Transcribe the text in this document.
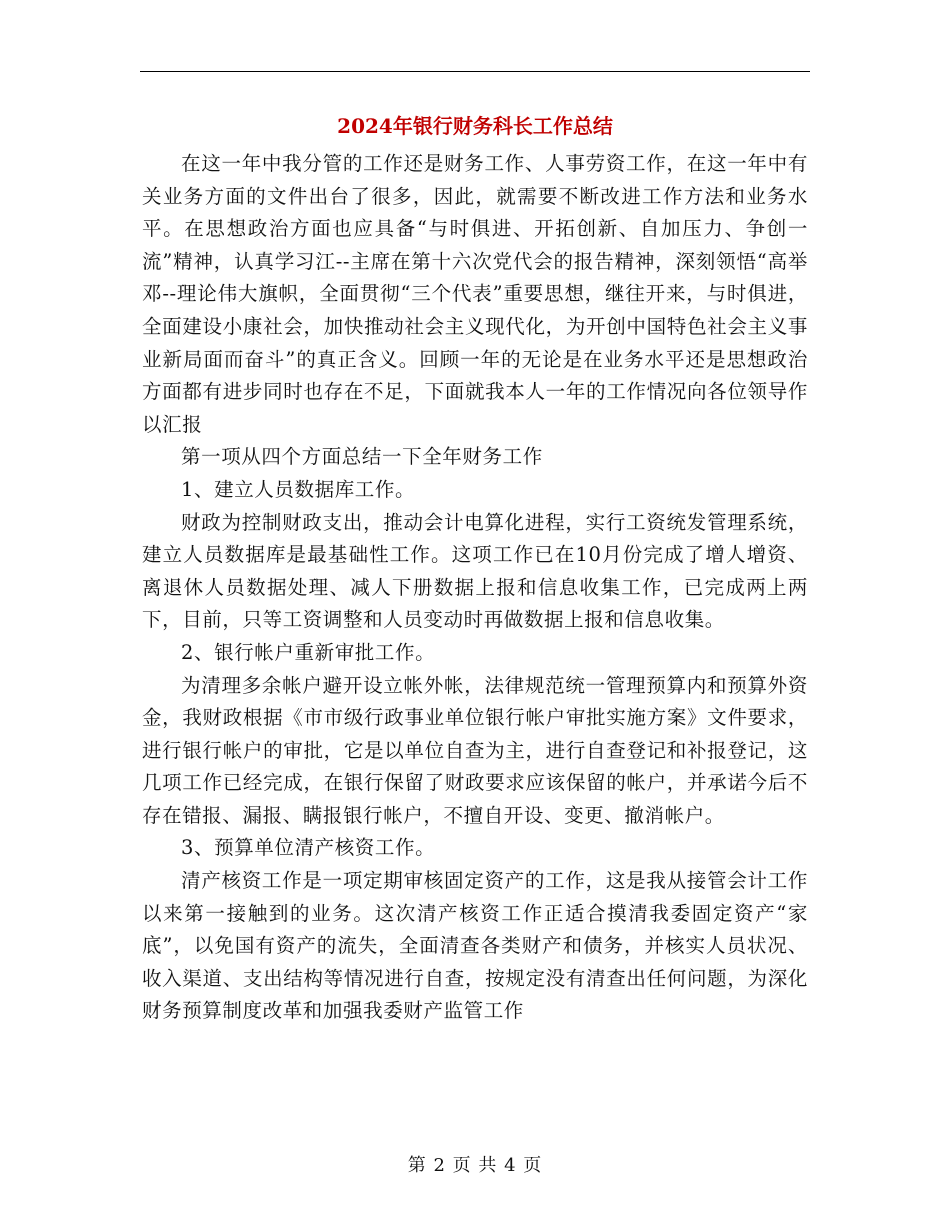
2024年银行财务科长工作总结

在这一年中我分管的工作还是财务工作、人事劳资工作，在这一年中有关业务方面的文件出台了很多，因此，就需要不断改进工作方法和业务水平。在思想政治方面也应具备“与时俱进、开拓创新、自加压力、争创一流”精神，认真学习江--主席在第十六次党代会的报告精神，深刻领悟“高举邓--理论伟大旗帜，全面贯彻“三个代表”重要思想，继往开来，与时俱进，全面建设小康社会，加快推动社会主义现代化，为开创中国特色社会主义事业新局面而奋斗”的真正含义。回顾一年的无论是在业务水平还是思想政治方面都有进步同时也存在不足，下面就我本人一年的工作情况向各位领导作以汇报

第一项从四个方面总结一下全年财务工作

1、建立人员数据库工作。

财政为控制财政支出，推动会计电算化进程，实行工资统发管理系统，建立人员数据库是最基础性工作。这项工作已在10月份完成了增人增资、离退休人员数据处理、减人下册数据上报和信息收集工作，已完成两上两下，目前，只等工资调整和人员变动时再做数据上报和信息收集。

2、银行帐户重新审批工作。

为清理多余帐户避开设立帐外帐，法律规范统一管理预算内和预算外资金，我财政根据《市市级行政事业单位银行帐户审批实施方案》文件要求，进行银行帐户的审批，它是以单位自查为主，进行自查登记和补报登记，这几项工作已经完成，在银行保留了财政要求应该保留的帐户，并承诺今后不存在错报、漏报、瞒报银行帐户，不擅自开设、变更、撤消帐户。

3、预算单位清产核资工作。

清产核资工作是一项定期审核固定资产的工作，这是我从接管会计工作以来第一接触到的业务。这次清产核资工作正适合摸清我委固定资产“家底”，以免国有资产的流失，全面清查各类财产和债务，并核实人员状况、收入渠道、支出结构等情况进行自查，按规定没有清查出任何问题，为深化财务预算制度改革和加强我委财产监管工作

第 2 页 共 4 页
